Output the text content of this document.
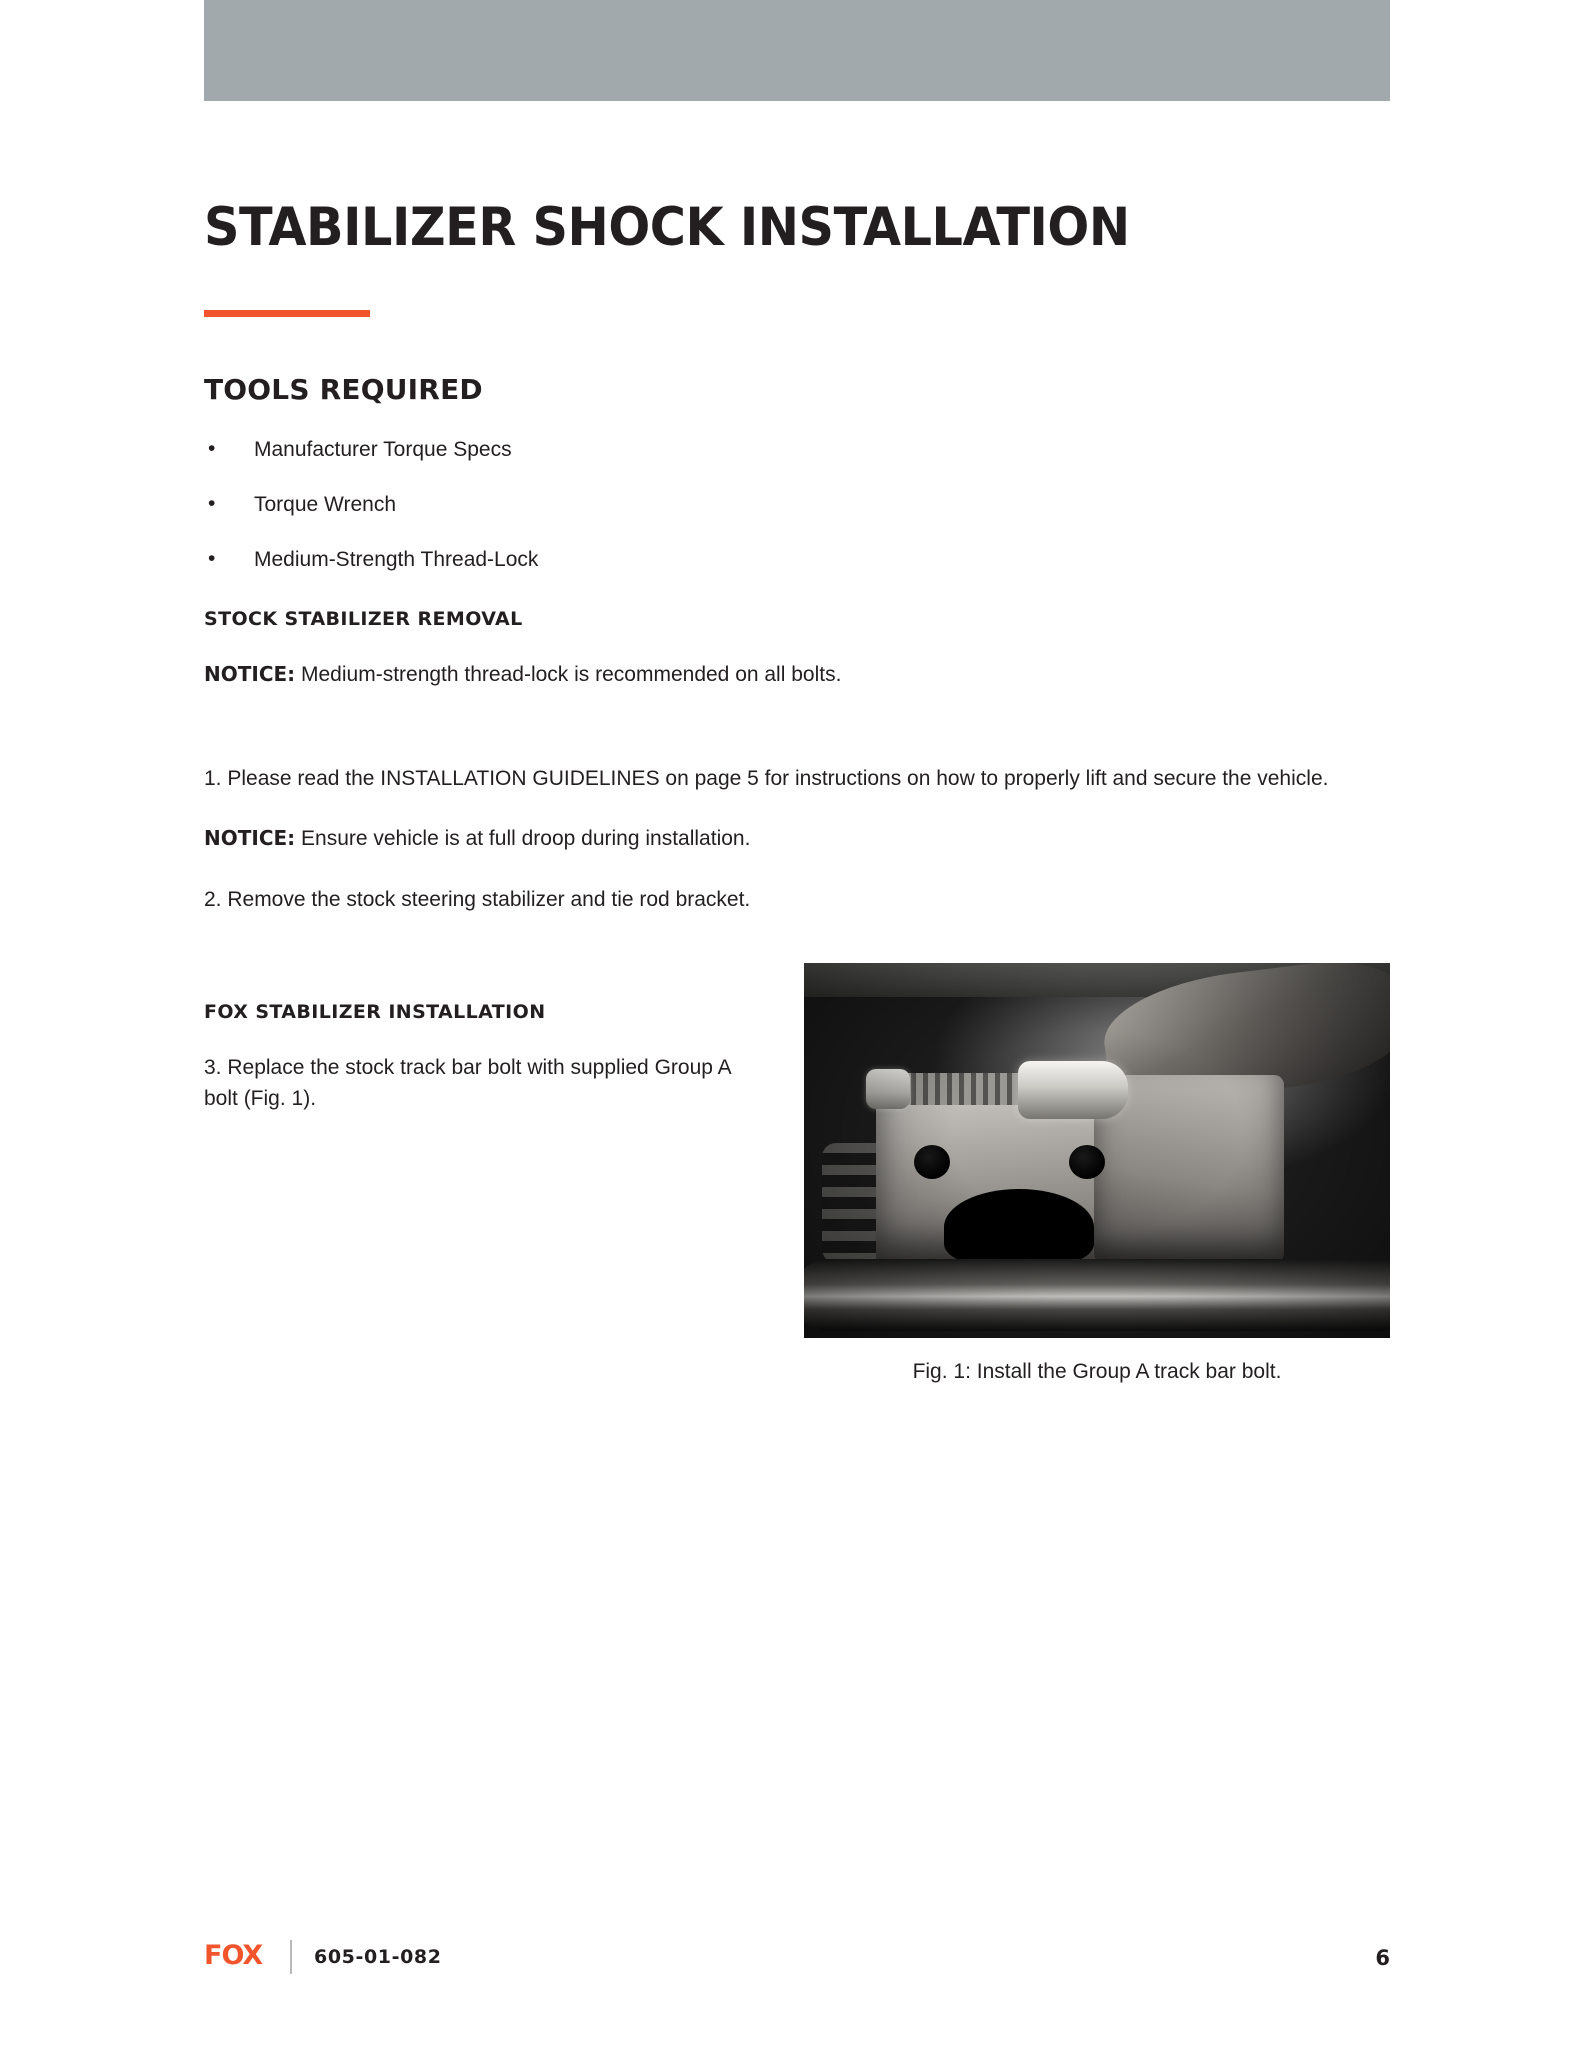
STABILIZER SHOCK INSTALLATION
TOOLS REQUIRED
• Manufacturer Torque Specs
• Torque Wrench
• Medium-Strength Thread-Lock
STOCK STABILIZER REMOVAL

NOTICE: Medium-strength thread-lock is recommended on all bolts.

1. Please read the INSTALLATION GUIDELINES on page 5 for instructions on how to properly lift and secure the vehicle.

NOTICE: Ensure vehicle is at full droop during installation.

2. Remove the stock steering stabilizer and tie rod bracket.

FOX STABILIZER INSTALLATION

3. Replace the stock track bar bolt with supplied Group A bolt (Fig. 1).

Fig. 1: Install the Group A track bar bolt.
FOX	605-01-082	6
